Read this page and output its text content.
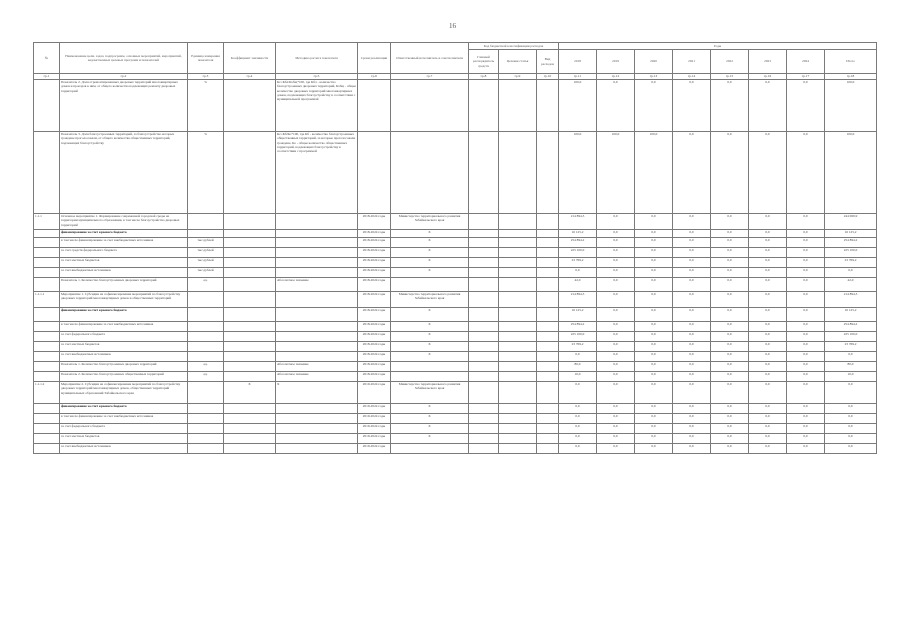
16
№	Наименование цели, задач, подпрограмм, основных мероприятий, мероприятий, ведомственных целевых программ и показателей	Единица измерения показателя	Коэффициент значимости	Методика расчета показателя	Сроки реализации	Ответственный исполнитель и соисполнители	Код бюджетной классификации расходов			Годы							
							Главный распорядитель средств	Целевая статья	Вид расходов	2018	2019	2020	2021	2022	2023	2024	Итого
гр.1	гр.2	гр.3	гр.4	гр.5	гр.6	гр.7	гр.8	гр.9	гр.10	гр.11	гр.12	гр.13	гр.14	гр.15	гр.16	гр.17	гр.18
	Показатель 2. Доля отремонтированных дворовых территорий многоквартирных домов и проездов к ним, от общего количества подлежащих ремонту дворовых территорий	%		Кс=Кбл/Кобщ*100, где Кбл - количество благоустроенных дворовых территорий, Кобщ - общее количество дворовых территорий многоквартирных домов, подлежащих благоустройству в соответствии с муниципальной программой						100,0	0,0	0,0	0,0	0,0	0,0	0,0	100,0
	Показатель 3. Доля благоустроенных территорий, за благоустройство которых граждане проголосовали, от общего количества общественных территорий, подлежащих благоустройству	%		Кс=Кб/Ко*100, где Кб - количество благоустроенных общественных территорий, за которые проголосовали граждане, Ко - общее количество общественных территорий, подлежащих благоустройству в соответствии с программой						100,0	100,0	100,0	0,0	0,0	0,0	0,0	100,0
1.1.1	Основное мероприятие 1. Формирование современной городской среды на территории муниципального образования, в том числе благоустройство дворовых территорий				2018-2024 годы	Министерство территориального развития Забайкальского края				214 894,3	0,0	0,0	0,0	0,0	0,0	0,0	244 069,9
	финансирование за счет краевого бюджета				2018-2024 годы	Х				16 125,2	0,0	0,0	0,0	0,0	0,0	0,0	16 125,2
	в том числе финансирование за счет внебюджетных источников	тыс.рублей			2018-2024 годы	Х				254 894,2	0,0	0,0	0,0	0,0	0,0	0,0	254 894,2
	за счет средств федерального бюджета	тыс.рублей			2018-2024 годы	Х				225 100,0	0,0	0,0	0,0	0,0	0,0	0,0	225 100,0
	за счет местных бюджетов	тыс.рублей			2018-2024 годы	Х				23 769,2	0,0	0,0	0,0	0,0	0,0	0,0	23 769,2
	за счет внебюджетных источников	тыс.рублей			2018-2024 годы	Х				0,0	0,0	0,0	0,0	0,0	0,0	0,0	0,0
	Показатель 1. Количество благоустроенных дворовых территорий	ед.		Абсолютное значение	2018-2024 годы					42,0	0,0	0,0	0,0	0,0	0,0	0,0	42,0
1.1.1.1	Мероприятие 1. Субсидии на софинансирование мероприятий по благоустройству дворовых территорий многоквартирных домов и общественных территорий				2018-2024 годы	Министерство территориального развития Забайкальского края				214 894,3	0,0	0,0	0,0	0,0	0,0	0,0	214 894,3
	финансирование за счет краевого бюджета				2018-2024 годы	Х				16 125,2	0,0	0,0	0,0	0,0	0,0	0,0	16 125,2
	в том числе финансирование за счет внебюджетных источников				2018-2024 годы	Х				254 894,2	0,0	0,0	0,0	0,0	0,0	0,0	254 894,2
	за счет федерального бюджета				2018-2024 годы	Х				225 100,0	0,0	0,0	0,0	0,0	0,0	0,0	225 100,0
	за счет местных бюджетов				2018-2024 годы	Х				23 769,2	0,0	0,0	0,0	0,0	0,0	0,0	23 769,2
	за счет внебюджетных источников				2018-2024 годы	Х				0,0	0,0	0,0	0,0	0,0	0,0	0,0	0,0
	Показатель 1. Количество благоустроенных дворовых территорий	ед.		Абсолютное значение	2018-2024 годы					80,0	0,0	0,0	0,0	0,0	0,0	0,0	80,0
	Показатель 2. Количество благоустроенных общественных территорий	ед.		Абсолютное значение	2018-2024 годы					10,0	0,0	0,0	0,0	0,0	0,0	0,0	10,0
1.1.1.2	Мероприятие 2. Субсидии на софинансирование мероприятий по благоустройству дворовых территорий многоквартирных домов, общественных территорий муниципальных образований Забайкальского края		Х	Х	2019-2024 годы	Министерство территориального развития Забайкальского края				0,0	0,0	0,0	0,0	0,0	0,0	0,0	0,0
	финансирование за счет краевого бюджета				2019-2024 годы	Х				0,0	0,0	0,0	0,0	0,0	0,0	0,0	0,0
	в том числе финансирование за счет внебюджетных источников				2019-2024 годы	Х				0,0	0,0	0,0	0,0	0,0	0,0	0,0	0,0
	за счет федерального бюджета				2019-2024 годы	Х				0,0	0,0	0,0	0,0	0,0	0,0	0,0	0,0
	за счет местных бюджетов				2019-2024 годы	Х				0,0	0,0	0,0	0,0	0,0	0,0	0,0	0,0
	за счет внебюджетных источников				2019-2024 годы					0,0	0,0	0,0	0,0	0,0	0,0	0,0	0,0
